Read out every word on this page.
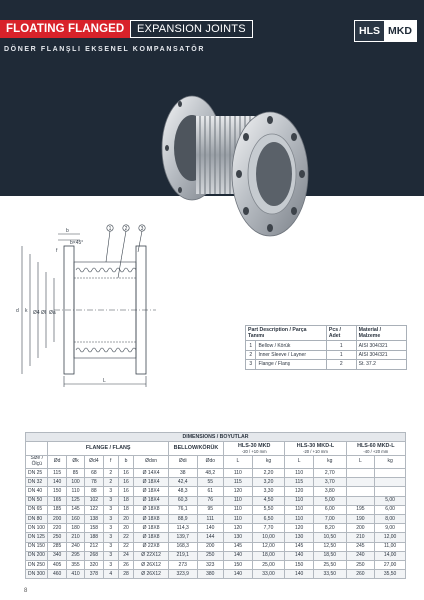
FLOATING FLANGED	EXPANSION JOINTS
DÖNER FLANŞLI EKSENEL KOMPANSATÖR
HLS MKD
1	2	3
d k Ø4 Øl Øa
L
b
b×45°
f
Part Description / Parça Tanımı		Pcs / Adet	Material / Malzeme
1	Bellow / Körük	1	AISI 304/321
2	Inner Sleeve / Layner	1	AISI 304/321
3	Flange / Flanş	2	St. 37.2
DIMENSIONS / BOYUTLAR														
	FLANGE / FLANŞ						BELLOW/KÖRÜK		HLS-30 MKD
-20 / +10 mm		HLS-30 MKD-L
-20 / +10 mm		HLS-60 MKD-L
-40 / +20 mm	

Size / Ölçü	Ød	Øk	Ød4	f	b	Ødxn	Ødi	Ødo	L	kg	L	kg	L	kg
DN 25	115	85	68	2	16	Ø 14X4	38	48,2	110	2,20	110	2,70		
DN 32	140	100	78	2	16	Ø 18X4	42,4	55	115	3,20	115	3,70		
DN 40	150	110	88	3	16	Ø 18X4	48,3	61	120	3,30	120	3,80		
DN 50	165	125	102	3	18	Ø 18X4	60,3	76	110	4,50	110	5,00		5,00
DN 65	185	145	122	3	18	Ø 18X8	76,1	95	110	5,50	110	6,00	195	6,00
DN 80	200	160	138	3	20	Ø 18X8	88,9	111	110	6,50	110	7,00	190	8,00
DN 100	220	180	158	3	20	Ø 18X8	114,3	140	120	7,70	120	8,20	200	9,00
DN 125	250	210	188	3	22	Ø 18X8	139,7	144	130	10,00	130	10,50	210	12,00
DN 150	285	240	212	3	22	Ø 22X8	168,3	200	145	12,00	145	12,50	245	11,00
DN 200	340	295	268	3	24	Ø 22X12	219,1	250	140	18,00	140	18,50	240	14,00
DN 250	405	355	320	3	26	Ø 26X12	273	323	150	25,00	150	25,50	250	27,00
DN 300	460	410	378	4	28	Ø 26X12	323,9	380	140	33,00	140	33,50	260	35,50
8
